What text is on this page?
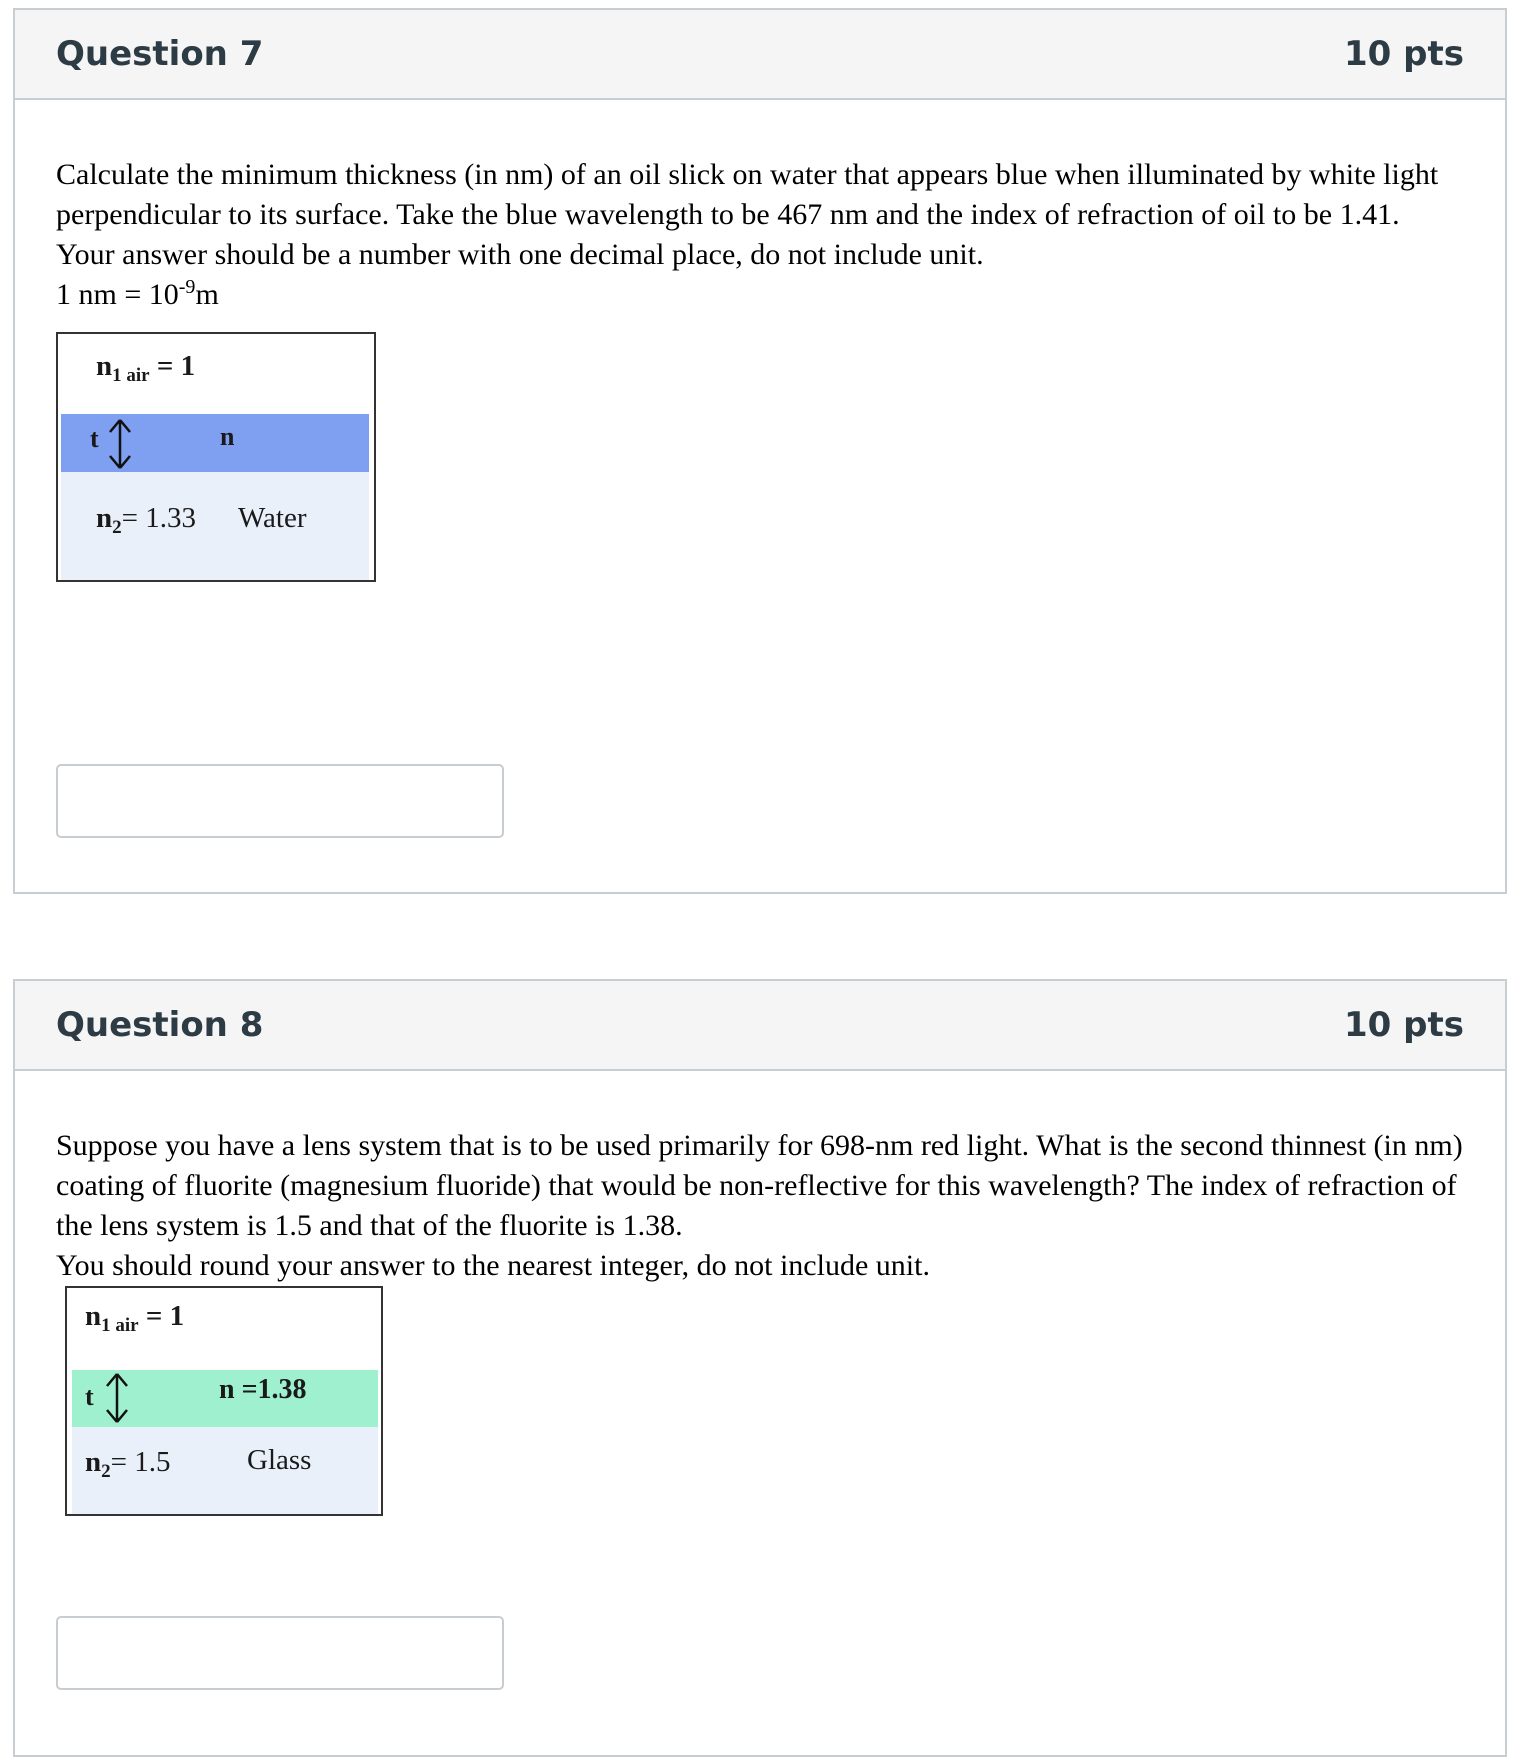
Question 7	10 pts

Calculate the minimum thickness (in nm) of an oil slick on water that appears blue when illuminated by white light perpendicular to its surface. Take the blue wavelength to be 467 nm and the index of refraction of oil to be 1.41.

Your answer should be a number with one decimal place, do not include unit.

1 nm = $10^{-9}m$

$n_{1 air} = 1$
t	n
$n_2= 1.33$ Water
Question 8	10 pts

Suppose you have a lens system that is to be used primarily for 698-nm red light. What is the second thinnest (in nm) coating of fluorite (magnesium fluoride) that would be non-reflective for this wavelength? The index of refraction of the lens system is 1.5 and that of the fluorite is 1.38.

You should round your answer to the nearest integer, do not include unit.

$n_{1 air} = 1$
t	n =1.38
$n_2= 1.5$	Glass
